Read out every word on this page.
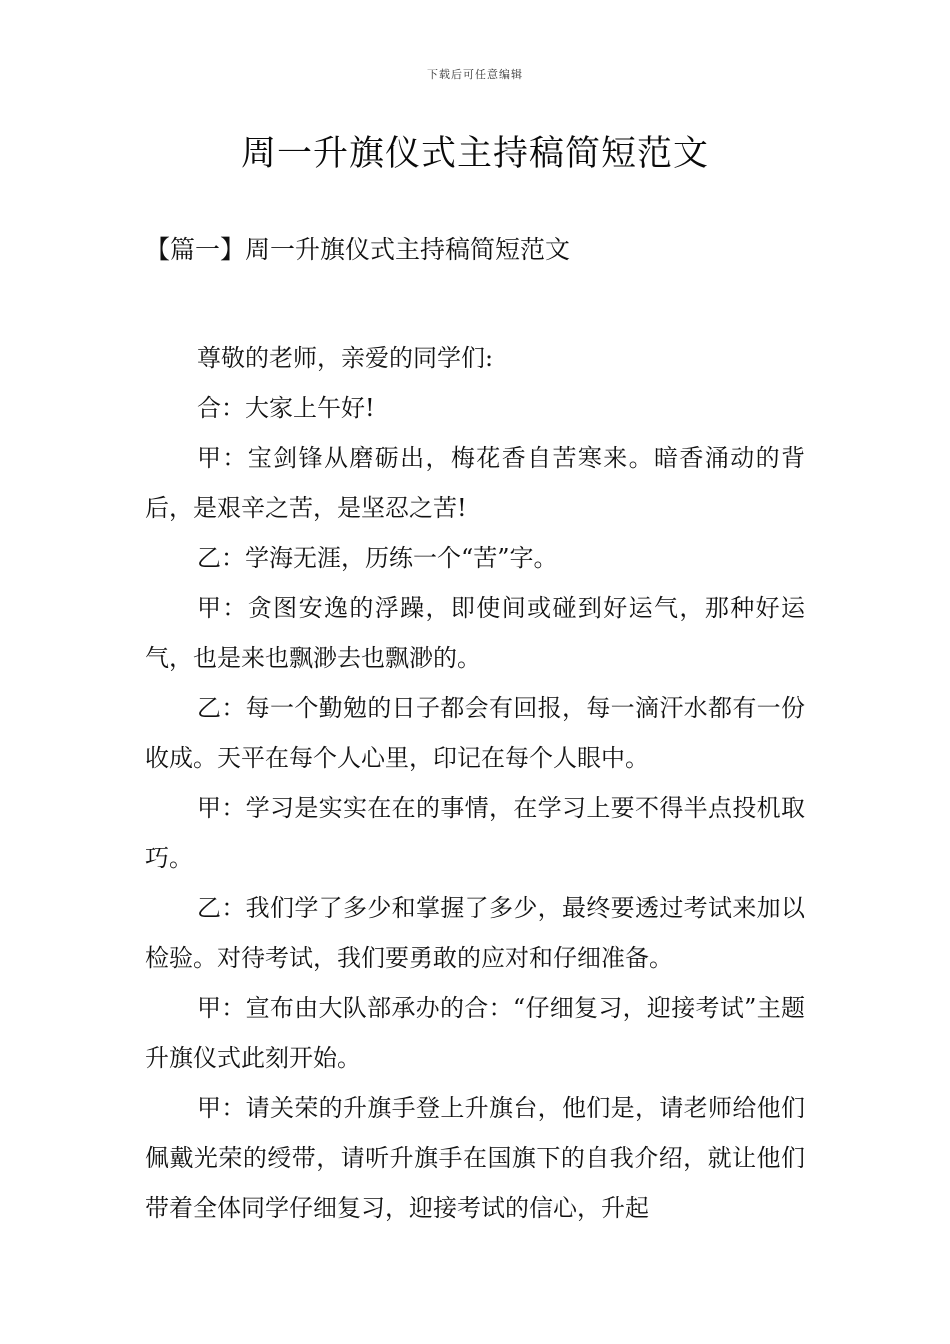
下载后可任意编辑
周一升旗仪式主持稿简短范文
【篇一】周一升旗仪式主持稿简短范文

尊敬的老师，亲爱的同学们:

合：大家上午好!

甲：宝剑锋从磨砺出，梅花香自苦寒来。暗香涌动的背后，是艰辛之苦，是坚忍之苦!

乙：学海无涯，历练一个“苦”字。

甲：贪图安逸的浮躁，即使间或碰到好运气，那种好运气，也是来也飘渺去也飘渺的。

乙：每一个勤勉的日子都会有回报，每一滴汗水都有一份收成。天平在每个人心里，印记在每个人眼中。

甲：学习是实实在在的事情，在学习上要不得半点投机取巧。

乙：我们学了多少和掌握了多少，最终要透过考试来加以检验。对待考试，我们要勇敢的应对和仔细准备。

甲：宣布由大队部承办的合：“仔细复习，迎接考试”主题升旗仪式此刻开始。

甲：请关荣的升旗手登上升旗台，他们是，请老师给他们佩戴光荣的绶带，请听升旗手在国旗下的自我介绍，就让他们带着全体同学仔细复习，迎接考试的信心，升起
